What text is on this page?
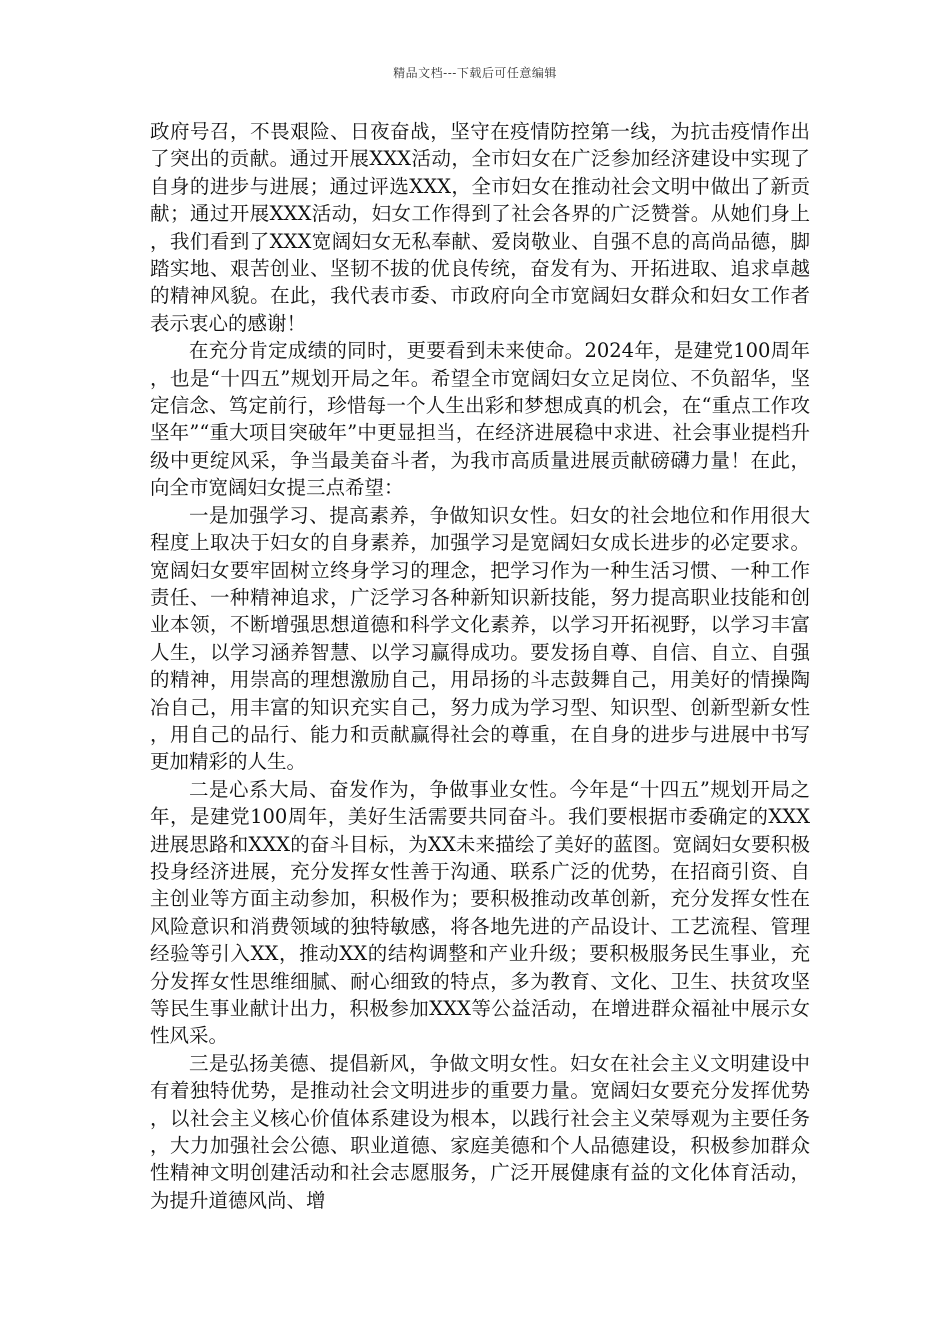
精品文档---下载后可任意编辑

政府号召，不畏艰险、日夜奋战，坚守在疫情防控第一线，为抗击疫情作出了突出的贡献。通过开展XXX活动，全市妇女在广泛参加经济建设中实现了自身的进步与进展；通过评选XXX，全市妇女在推动社会文明中做出了新贡献；通过开展XXX活动，妇女工作得到了社会各界的广泛赞誉。从她们身上，我们看到了XXX宽阔妇女无私奉献、爱岗敬业、自强不息的高尚品德，脚踏实地、艰苦创业、坚韧不拔的优良传统，奋发有为、开拓进取、追求卓越的精神风貌。在此，我代表市委、市政府向全市宽阔妇女群众和妇女工作者表示衷心的感谢！

在充分肯定成绩的同时，更要看到未来使命。2024年，是建党100周年，也是“十四五”规划开局之年。希望全市宽阔妇女立足岗位、不负韶华，坚定信念、笃定前行，珍惜每一个人生出彩和梦想成真的机会，在“重点工作攻坚年”“重大项目突破年”中更显担当，在经济进展稳中求进、社会事业提档升级中更绽风采，争当最美奋斗者，为我市高质量进展贡献磅礴力量！在此，向全市宽阔妇女提三点希望：

一是加强学习、提高素养，争做知识女性。妇女的社会地位和作用很大程度上取决于妇女的自身素养，加强学习是宽阔妇女成长进步的必定要求。宽阔妇女要牢固树立终身学习的理念，把学习作为一种生活习惯、一种工作责任、一种精神追求，广泛学习各种新知识新技能，努力提高职业技能和创业本领，不断增强思想道德和科学文化素养，以学习开拓视野，以学习丰富人生，以学习涵养智慧、以学习赢得成功。要发扬自尊、自信、自立、自强的精神，用崇高的理想激励自己，用昂扬的斗志鼓舞自己，用美好的情操陶冶自己，用丰富的知识充实自己，努力成为学习型、知识型、创新型新女性，用自己的品行、能力和贡献赢得社会的尊重，在自身的进步与进展中书写更加精彩的人生。

二是心系大局、奋发作为，争做事业女性。今年是“十四五”规划开局之年，是建党100周年，美好生活需要共同奋斗。我们要根据市委确定的XXX进展思路和XXX的奋斗目标，为XX未来描绘了美好的蓝图。宽阔妇女要积极投身经济进展，充分发挥女性善于沟通、联系广泛的优势，在招商引资、自主创业等方面主动参加，积极作为；要积极推动改革创新，充分发挥女性在风险意识和消费领域的独特敏感，将各地先进的产品设计、工艺流程、管理经验等引入XX，推动XX的结构调整和产业升级；要积极服务民生事业，充分发挥女性思维细腻、耐心细致的特点，多为教育、文化、卫生、扶贫攻坚等民生事业献计出力，积极参加XXX等公益活动，在增进群众福祉中展示女性风采。

三是弘扬美德、提倡新风，争做文明女性。妇女在社会主义文明建设中有着独特优势，是推动社会文明进步的重要力量。宽阔妇女要充分发挥优势，以社会主义核心价值体系建设为根本，以践行社会主义荣辱观为主要任务，大力加强社会公德、职业道德、家庭美德和个人品德建设，积极参加群众性精神文明创建活动和社会志愿服务，广泛开展健康有益的文化体育活动，为提升道德风尚、增
